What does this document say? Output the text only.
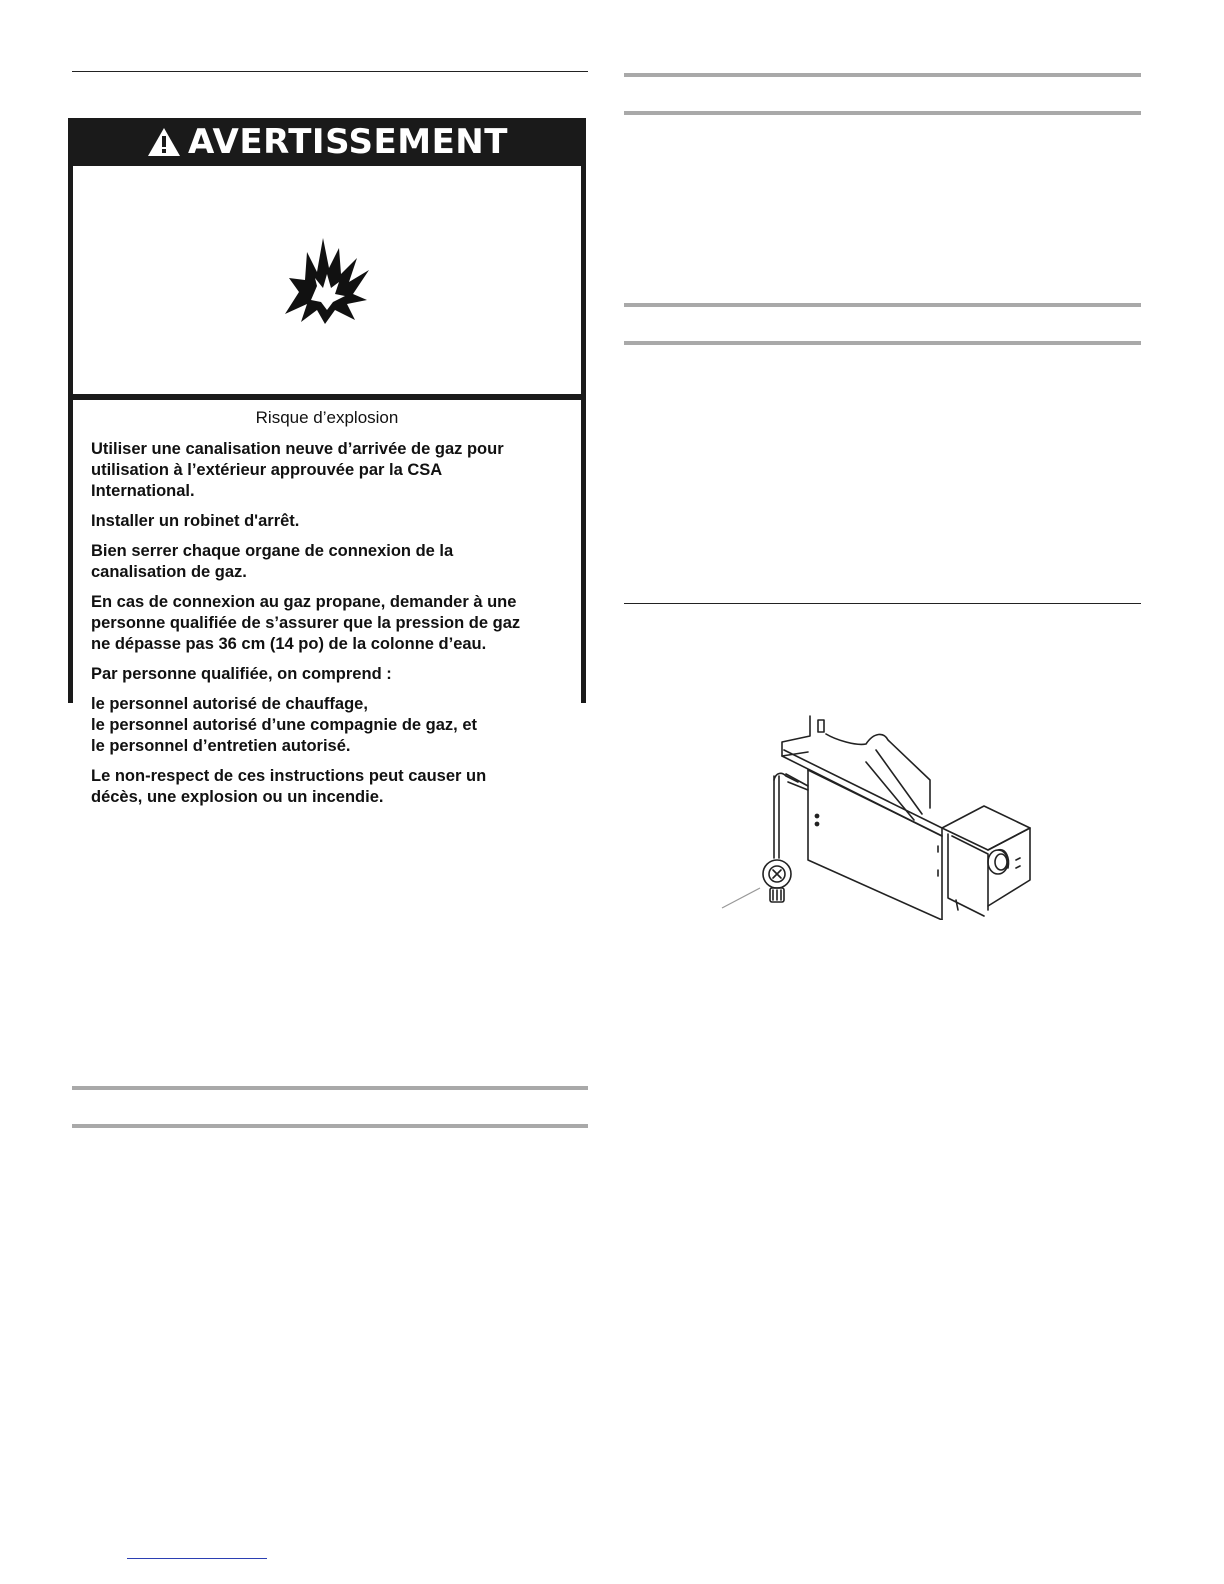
AVERTISSEMENT
Risque d’explosion

Utiliser une canalisation neuve d’arrivée de gaz pour
utilisation à l’extérieur approuvée par la CSA
International.

Installer un robinet d'arrêt.

Bien serrer chaque organe de connexion de la
canalisation de gaz.

En cas de connexion au gaz propane, demander à une
personne qualifiée de s’assurer que la pression de gaz
ne dépasse pas 36 cm (14 po) de la colonne d’eau.

Par personne qualifiée, on comprend :

le personnel autorisé de chauffage,
le personnel autorisé d’une compagnie de gaz, et
le personnel d’entretien autorisé.

Le non-respect de ces instructions peut causer un
décès, une explosion ou un incendie.
